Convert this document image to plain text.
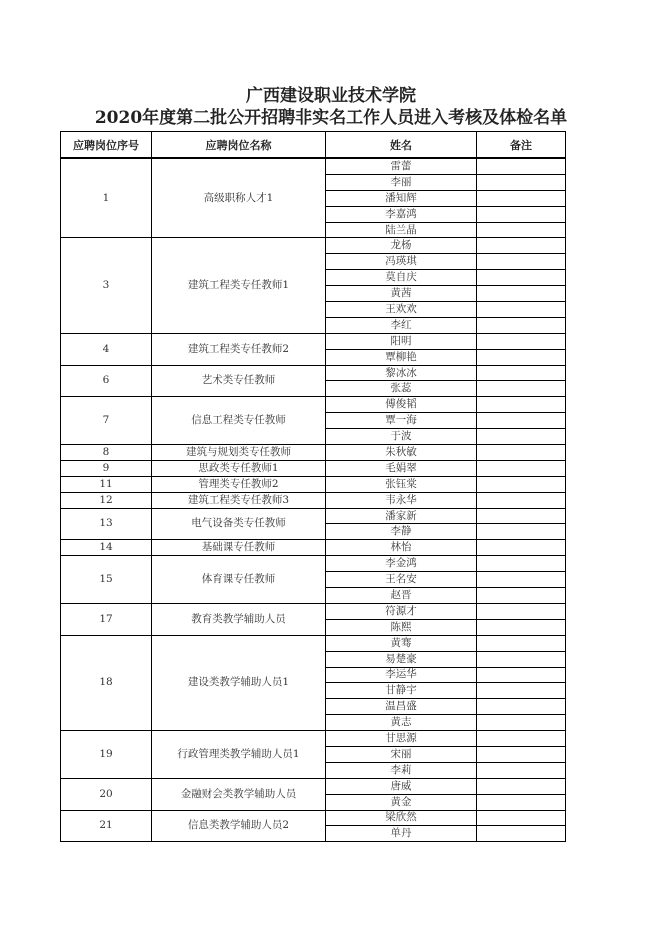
广西建设职业技术学院
2020年度第二批公开招聘非实名工作人员进入考核及体检名单
应聘岗位序号	应聘岗位名称	姓名	备注
1	高级职称人才1	雷蕾	
		李丽	
		潘知辉	
		李嘉鸿	
		陆兰晶	
3	建筑工程类专任教师1	龙杨	
		冯瑛琪	
		莫自庆	
		黄茜	
		王欢欢	
		李红	
4	建筑工程类专任教师2	阳明	
		覃柳艳	
6	艺术类专任教师	黎冰冰	
		张蕊	
7	信息工程类专任教师	傅俊韬	
		覃一海	
		于波	
8	建筑与规划类专任教师	朱秋敏	
9	思政类专任教师1	毛娟翠	
11	管理类专任教师2	张钰棠	
12	建筑工程类专任教师3	韦永华	
13	电气设备类专任教师	潘家新	
		李静	
14	基础课专任教师	林怡	
15	体育课专任教师	李金鸿	
		王名安	
		赵晋	
17	教育类教学辅助人员	符源才	
		陈熙	
18	建设类教学辅助人员1	黄骞	
		易楚豪	
		李运华	
		甘静宇	
		温昌盛	
		黄志	
19	行政管理类教学辅助人员1	甘思源	
		宋丽	
		李莉	
20	金融财会类教学辅助人员	唐威	
		黄金	
21	信息类教学辅助人员2	梁欣然	
		单丹	
